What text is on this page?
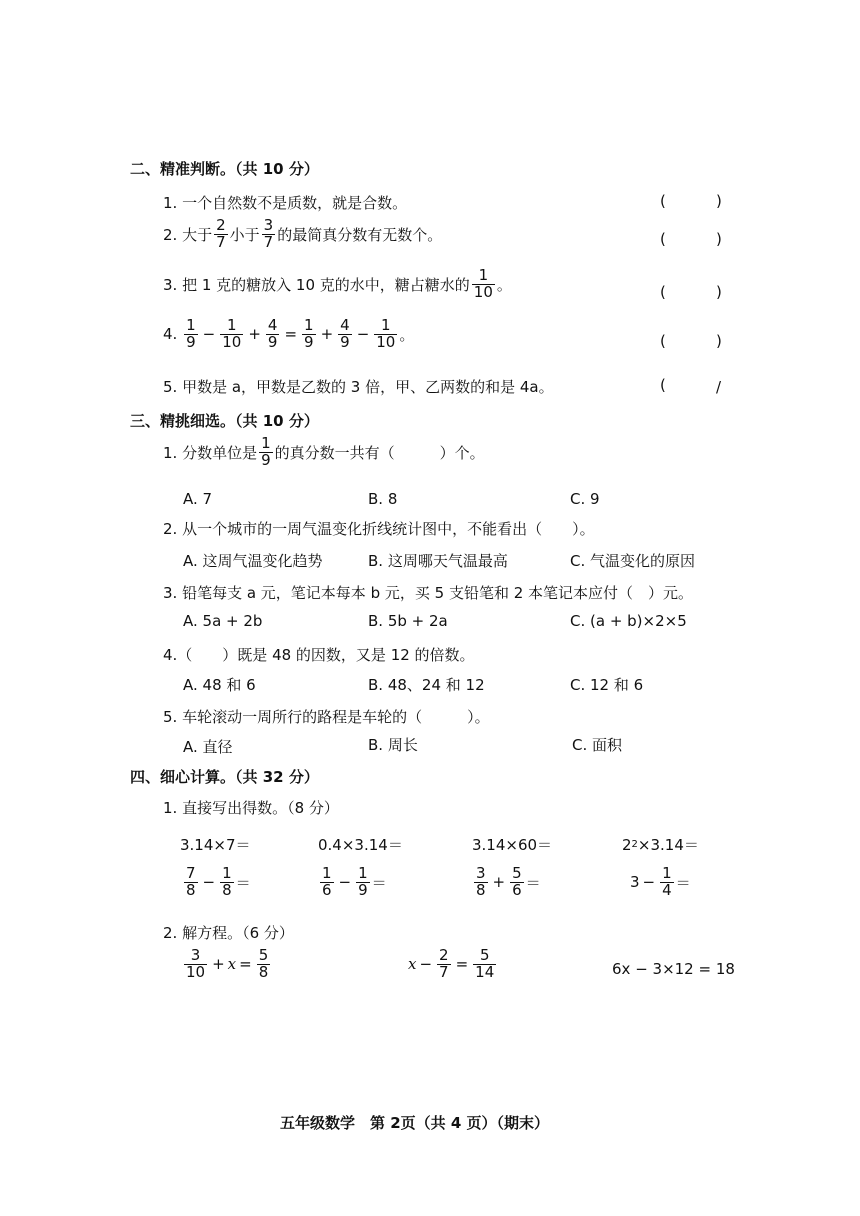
二、精准判断。（共 10 分）
1. 一个自然数不是质数，就是合数。	(	)
2. 大于 $\frac{2}{7}$ 小于 $\frac{3}{7}$ 的最简真分数有无数个。	(	)
3. 把 1 克的糖放入 10 克的水中，糖占糖水的 $\frac{1}{10}$ 。	(	)
4.
$\frac{1}{9} - \frac{1}{10} + \frac{4}{9} = \frac{1}{9} + \frac{4}{9} - \frac{1}{10}$ 。	(	)
5. 甲数是 a，甲数是乙数的 3 倍，甲、乙两数的和是 4a。	(	/
三、精挑细选。（共 10 分）
1. 分数单位是 $\frac{1}{9}$ 的真分数一共有（　　　）个。
A. 7	B. 8	C. 9
2. 从一个城市的一周气温变化折线统计图中，不能看出（　　）。
A. 这周气温变化趋势	B. 这周哪天气温最高	C. 气温变化的原因
3. 铅笔每支 a 元，笔记本每本 b 元，买 5 支铅笔和 2 本笔记本应付（　）元。
A. 5a + 2b	B. 5b + 2a	C. (a + b)×2×5
4.（　　）既是 48 的因数，又是 12 的倍数。
A. 48 和 6	B. 48、24 和 12	C. 12 和 6
5. 车轮滚动一周所行的路程是车轮的（　　　）。
A. 直径	B. 周长	C. 面积
四、细心计算。（共 32 分）
1. 直接写出得数。（8 分）
3.14×7＝	0.4×3.14＝	3.14×60＝	2 2 ×3.14＝
$\frac{7}{8} - \frac{1}{8}$ ＝	$\frac{1}{6} - \frac{1}{9}$ ＝	$\frac{3}{8} + \frac{5}{6}$ ＝	$3 - \frac{1}{4}$ ＝
2. 解方程。（6 分）
$\frac{3}{10} + x = \frac{5}{8}$	$x - \frac{2}{7} = \frac{5}{14}$	6x − 3×12 = 18
五年级数学　第 2页（共 4 页）（期末）
